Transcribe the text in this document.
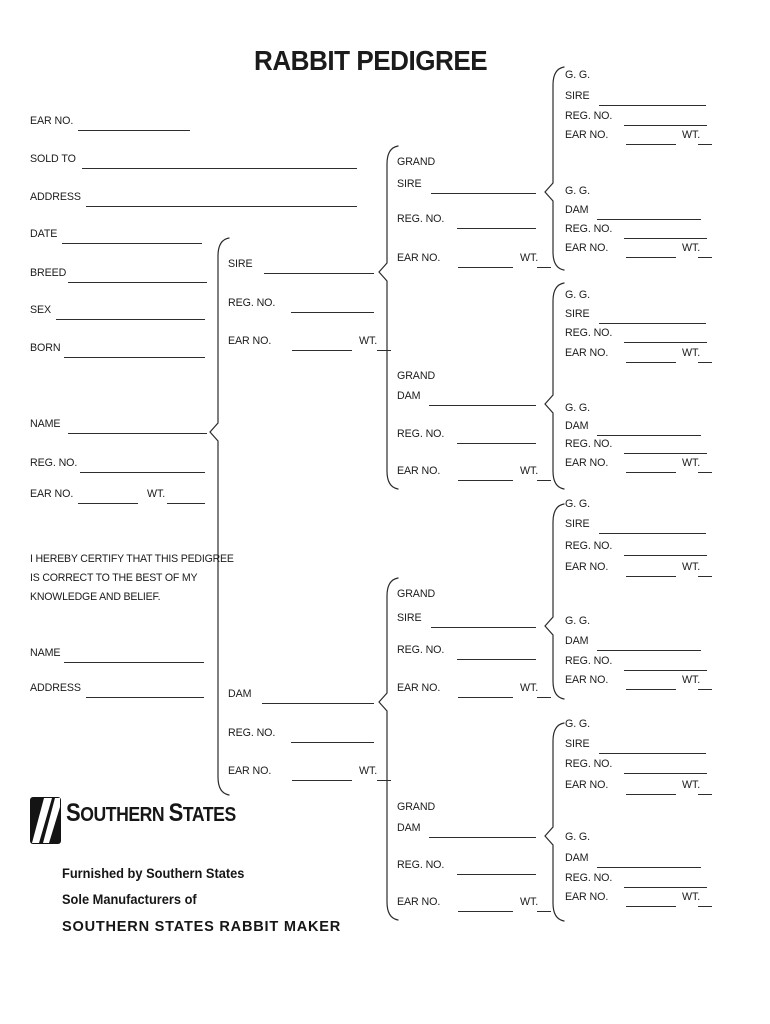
RABBIT PEDIGREE
EAR NO.
SOLD TO
ADDRESS
DATE
BREED
SEX
BORN
NAME
REG. NO.
EAR NO.	WT.
NAME
ADDRESS
SIRE
REG. NO.
EAR NO.	WT.
DAM
REG. NO.
EAR NO.	WT.
GRAND
SIRE
REG. NO.
EAR NO.	WT.
GRAND
DAM
REG. NO.
EAR NO.	WT.
GRAND
SIRE
REG. NO.
EAR NO.	WT.
GRAND
DAM
REG. NO.
EAR NO.	WT.
G. G.
SIRE
REG. NO.
EAR NO.	WT.
G. G.
DAM
REG. NO.
EAR NO.	WT.
G. G.
SIRE
REG. NO.
EAR NO.	WT.
G. G.
DAM
REG. NO.
EAR NO.	WT.
G. G.
SIRE
REG. NO.
EAR NO.	WT.
G. G.
DAM
REG. NO.
EAR NO.	WT.
G. G.
SIRE
REG. NO.
EAR NO.	WT.
G. G.
DAM
REG. NO.
EAR NO.	WT.
I HEREBY CERTIFY THAT THIS PEDIGREE
IS CORRECT TO THE BEST OF MY
KNOWLEDGE AND BELIEF.
SOUTHERN STATES
Furnished by Southern States
Sole Manufacturers of
SOUTHERN STATES RABBIT MAKER
